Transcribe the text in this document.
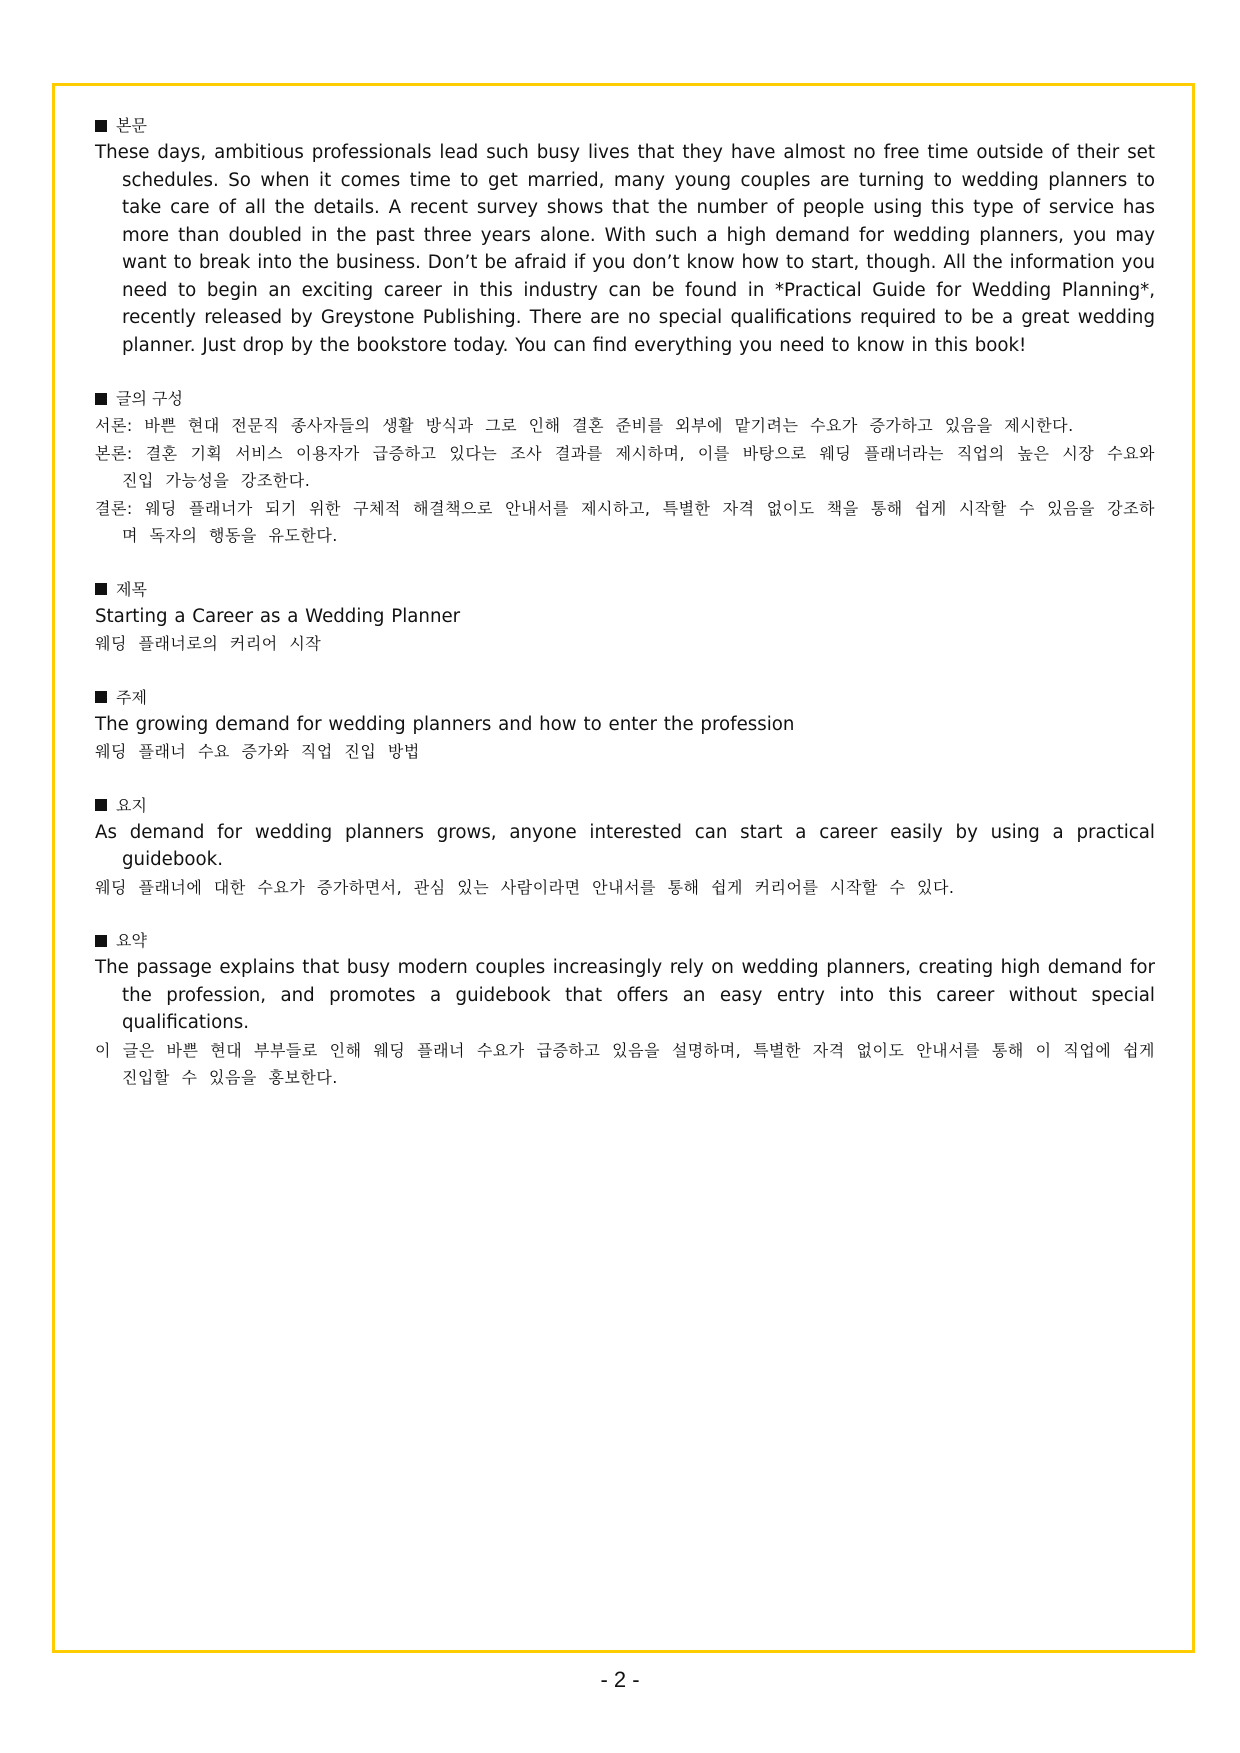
본문

These days, ambitious professionals lead such busy lives that they have almost no free time outside of their set schedules. So when it comes time to get married, many young couples are turning to wedding planners to take care of all the details. A recent survey shows that the number of people using this type of service has more than doubled in the past three years alone. With such a high demand for wedding planners, you may want to break into the business. Don’t be afraid if you don’t know how to start, though. All the information you need to begin an exciting career in this industry can be found in *Practical Guide for Wedding Planning*, recently released by Greystone Publishing. There are no special qualifications required to be a great wedding planner. Just drop by the bookstore today. You can find everything you need to know in this book!

글의 구성

서론: 바쁜 현대 전문직 종사자들의 생활 방식과 그로 인해 결혼 준비를 외부에 맡기려는 수요가 증가하고 있음을 제시한다.

본론: 결혼 기획 서비스 이용자가 급증하고 있다는 조사 결과를 제시하며, 이를 바탕으로 웨딩 플래너라는 직업의 높은 시장 수요와 진입 가능성을 강조한다.

결론: 웨딩 플래너가 되기 위한 구체적 해결책으로 안내서를 제시하고, 특별한 자격 없이도 책을 통해 쉽게 시작할 수 있음을 강조하며 독자의 행동을 유도한다.

제목

Starting a Career as a Wedding Planner

웨딩 플래너로의 커리어 시작

주제

The growing demand for wedding planners and how to enter the profession

웨딩 플래너 수요 증가와 직업 진입 방법

요지

As demand for wedding planners grows, anyone interested can start a career easily by using a practical guidebook.

웨딩 플래너에 대한 수요가 증가하면서, 관심 있는 사람이라면 안내서를 통해 쉽게 커리어를 시작할 수 있다.

요약

The passage explains that busy modern couples increasingly rely on wedding planners, creating high demand for the profession, and promotes a guidebook that offers an easy entry into this career without special qualifications.

이 글은 바쁜 현대 부부들로 인해 웨딩 플래너 수요가 급증하고 있음을 설명하며, 특별한 자격 없이도 안내서를 통해 이 직업에 쉽게 진입할 수 있음을 홍보한다.

- 2 -
